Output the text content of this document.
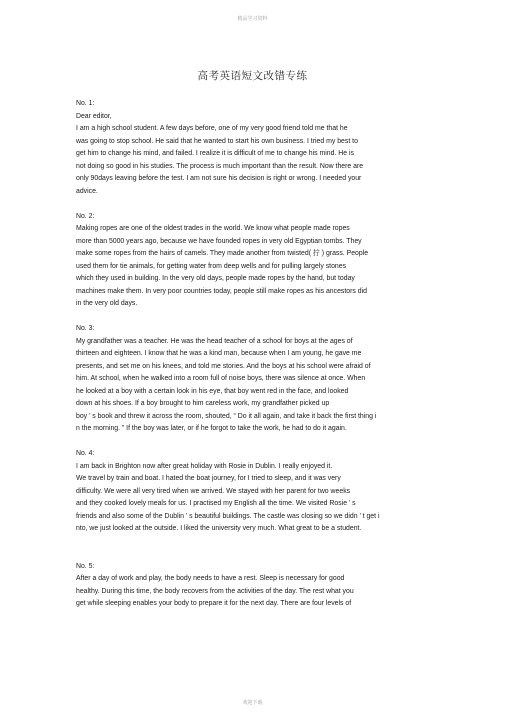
精品学习资料
高考英语短文改错专练
No. 1:
Dear editor,
I am a high school student. A few days before, one of my very good friend told me that he
was going to stop school. He said that he wanted to start his own business. I tried my best to
get him to change his mind, and failed. I realize it is difficult of me to change his mind. He is
not doing so good in his studies. The process is much important than the result. Now there are
only 90days leaving before the test. I am not sure his decision is right or wrong. I needed your
advice.
No. 2:
Making ropes are one of the oldest trades in the world. We know what people made ropes
more than 5000 years ago, because we have founded ropes in very old Egyptian tombs. They
make some ropes from the hairs of camels. They made another from twisted( 拧 ) grass. People
used them for tie animals, for getting water from deep wells and for pulling largely stones
which they used in building. In the very old days, people made ropes by the hand, but today
machines make them. In very poor countries today, people still make ropes as his ancestors did
in the very old days.
No. 3:
My grandfather was a teacher. He was the head teacher of a school for boys at the ages of
thirteen and eighteen. I know that he was a kind man, because when I am young, he gave me
presents, and set me on his knees, and told me stories. And the boys at his school were afraid of
him. At school, when he walked into a room full of noise boys, there was silence at once. When
he looked at a boy with a certain look in his eye, that boy went red in the face, and looked
down at his shoes. If a boy brought to him careless work, my grandfather picked up
boy ’ s book and threw it across the room, shouted, “ Do it all again, and take it back the first thing i
n the morning. ” If the boy was later, or if he forgot to take the work, he had to do it again.
No. 4:
I am back in Brighton now after great holiday with Rosie in Dublin. I really enjoyed it.
We travel by train and boat. I hated the boat journey, for I tried to sleep, and it was very
difficulty. We were all very tired when we arrived. We stayed with her parent for two weeks
and they cooked lovely meals for us. I practised my English all the time. We visited Rosie ’ s
friends and also some of the Dublin ’ s beautiful buildings. The castle was closing so we didn ’ t get i
nto, we just looked at the outside. I liked the university very much. What great to be a student.
No. 5:
After a day of work and play, the body needs to have a rest. Sleep is necessary for good
healthy. During this time, the body recovers from the activities of the day. The rest what you
get while sleeping enables your body to prepare it for the next day. There are four levels of
欢迎下载
